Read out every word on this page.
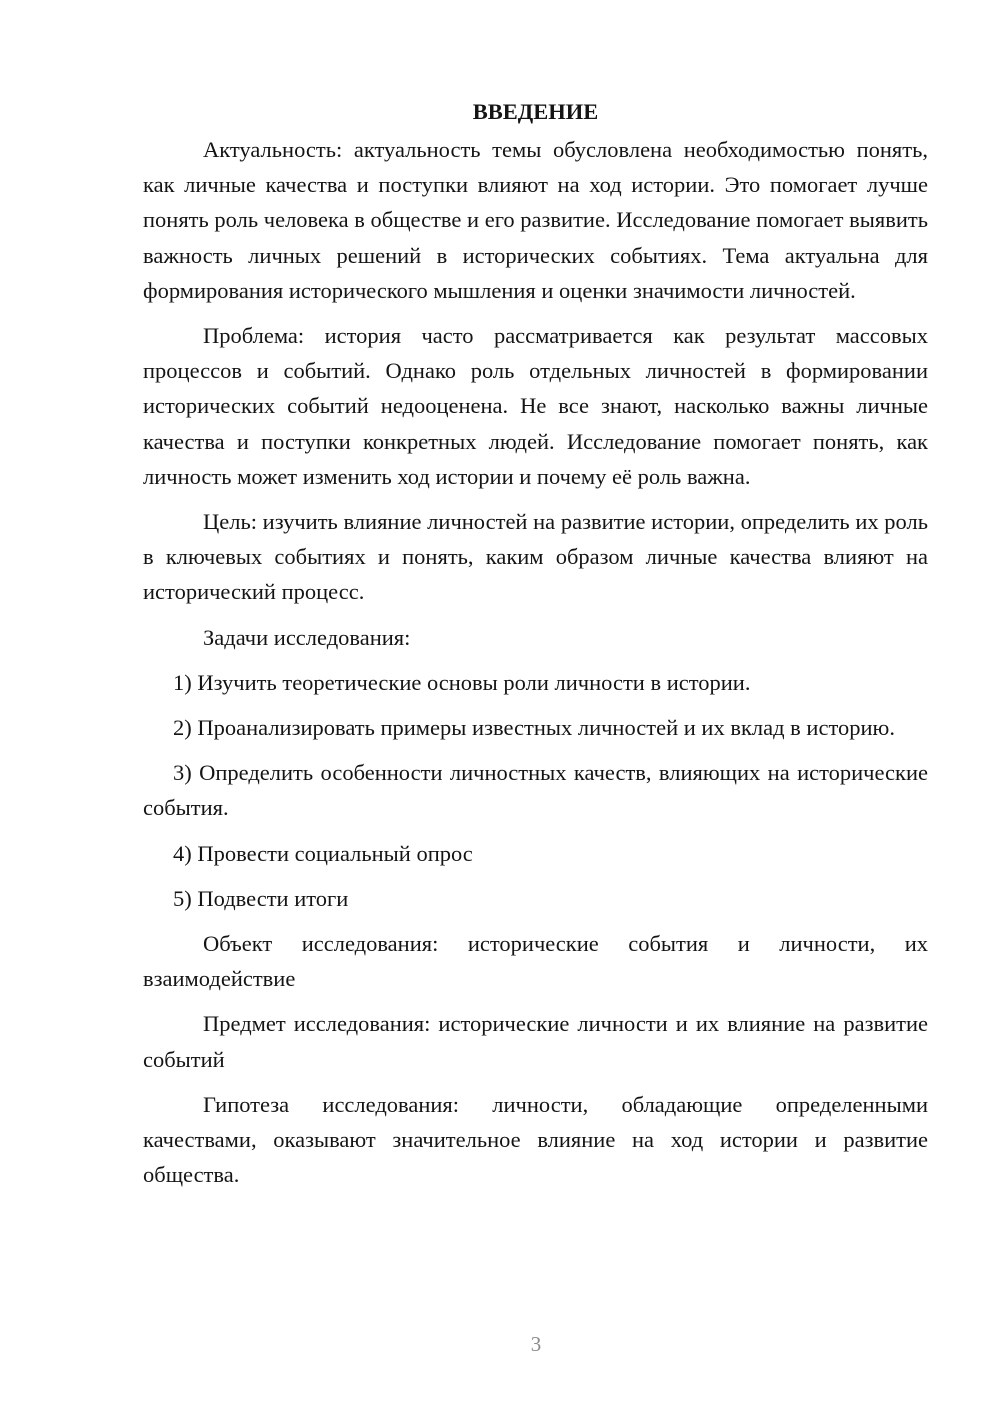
ВВЕДЕНИЕ

Актуальность: актуальность темы обусловлена необходимостью понять, как личные качества и поступки влияют на ход истории. Это помогает лучше понять роль человека в обществе и его развитие. Исследование помогает выявить важность личных решений в исторических событиях. Тема актуальна для формирования исторического мышления и оценки значимости личностей.

Проблема: история часто рассматривается как результат массовых процессов и событий. Однако роль отдельных личностей в формировании исторических событий недооценена. Не все знают, насколько важны личные качества и поступки конкретных людей. Исследование помогает понять, как личность может изменить ход истории и почему её роль важна.

Цель: изучить влияние личностей на развитие истории, определить их роль в ключевых событиях и понять, каким образом личные качества влияют на исторический процесс.

Задачи исследования:

1) Изучить теоретические основы роли личности в истории.

2) Проанализировать примеры известных личностей и их вклад в историю.

3) Определить особенности личностных качеств, влияющих на исторические события.

4) Провести социальный опрос

5) Подвести итоги

Объект исследования: исторические события и личности, их взаимодействие

Предмет исследования: исторические личности и их влияние на развитие событий

Гипотеза исследования: личности, обладающие определенными качествами, оказывают значительное влияние на ход истории и развитие общества.

3
